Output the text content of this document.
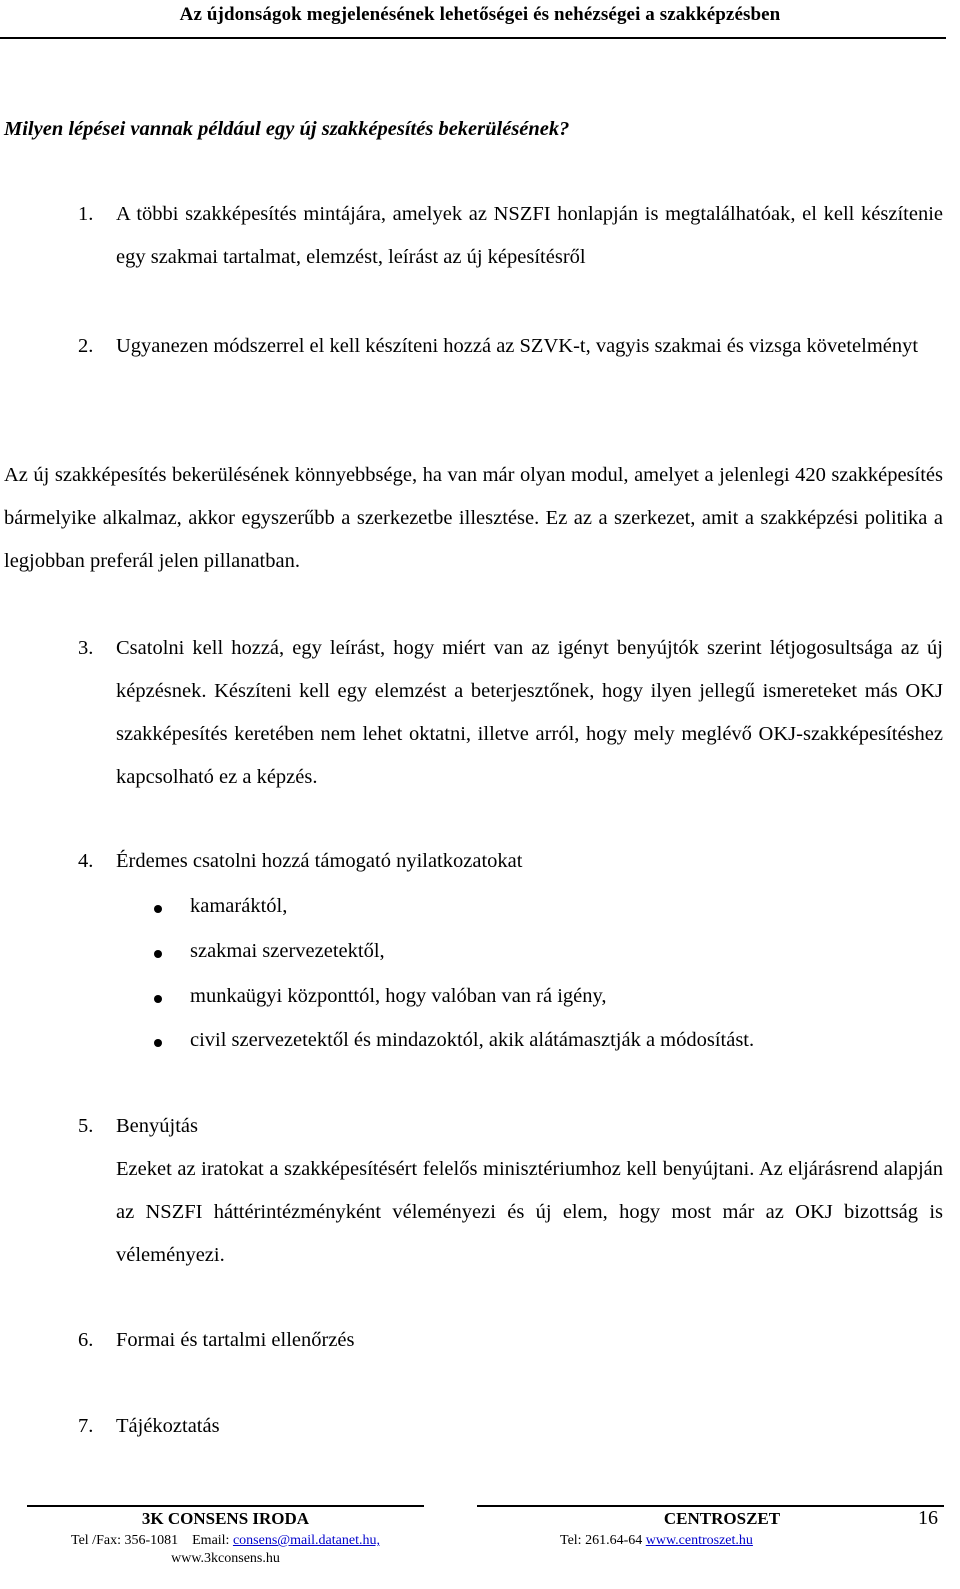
Az újdonságok megjelenésének lehetőségei és nehézségei a szakképzésben
Milyen lépései vannak például egy új szakképesítés bekerülésének?
1. A többi szakképesítés mintájára, amelyek az NSZFI honlapján is megtalálhatóak, el kell készítenie egy szakmai tartalmat, elemzést, leírást az új képesítésről
2. Ugyanezen módszerrel el kell készíteni hozzá az SZVK-t, vagyis szakmai és vizsga követelményt
Az új szakképesítés bekerülésének könnyebbsége, ha van már olyan modul, amelyet a jelenlegi 420 szakképesítés bármelyike alkalmaz, akkor egyszerűbb a szerkezetbe illesztése. Ez az a szerkezet, amit a szakképzési politika a legjobban preferál jelen pillanatban.
3. Csatolni kell hozzá, egy leírást, hogy miért van az igényt benyújtók szerint létjogosultsága az új képzésnek. Készíteni kell egy elemzést a beterjesztőnek, hogy ilyen jellegű ismereteket más OKJ szakképesítés keretében nem lehet oktatni, illetve arról, hogy mely meglévő OKJ-szakképesítéshez kapcsolható ez a képzés.
4. Érdemes csatolni hozzá támogató nyilatkozatokat
kamaráktól,
szakmai szervezetektől,
munkaügyi központtól, hogy valóban van rá igény,
civil szervezetektől és mindazoktól, akik alátámasztják a módosítást.
5. Benyújtás
Ezeket az iratokat a szakképesítésért felelős minisztériumhoz kell benyújtani. Az eljárásrend alapján az NSZFI háttérintézményként véleményezi és új elem, hogy most már az OKJ bizottság is véleményezi.
6. Formai és tartalmi ellenőrzés
7. Tájékoztatás
3K CONSENS IRODA	CENTROSZET	16
Tel /Fax: 356-1081 Email: consens@mail.datanet.hu,
www.3kconsens.hu
Tel: 261.64-64 www.centroszet.hu
